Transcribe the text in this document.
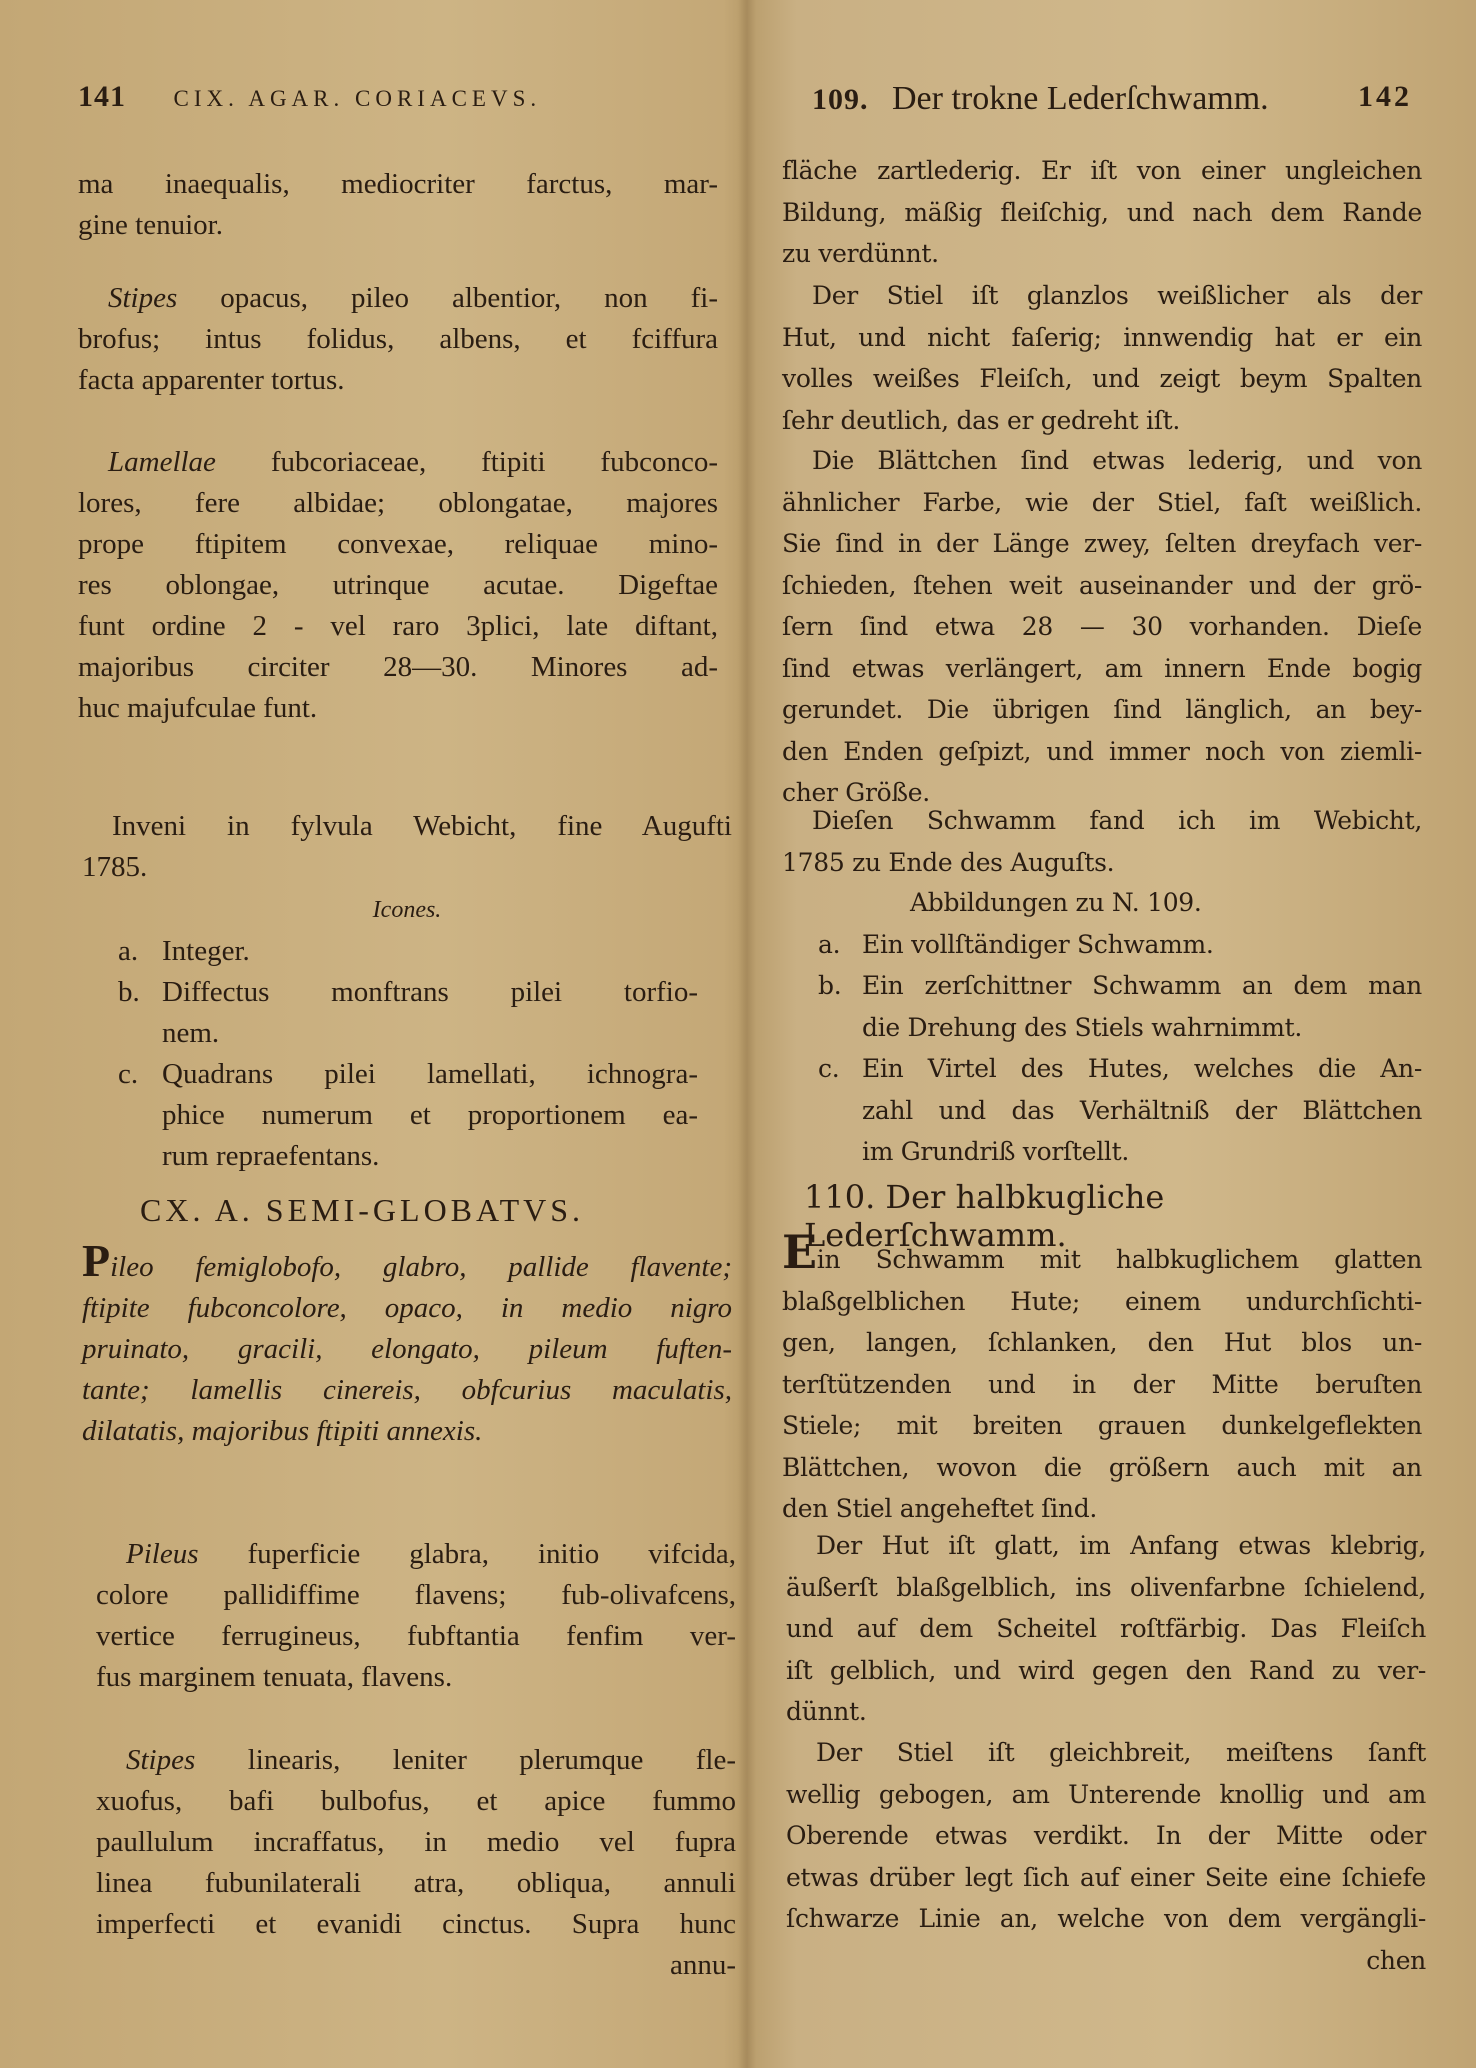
141 CIX. AGAR. CORIACEVS.
ma inaequalis, mediocriter farctus, mar-
gine tenuior.
Stipes opacus, pileo albentior, non fi-
brofus; intus folidus, albens, et fciffura
facta apparenter tortus.
Lamellae fubcoriaceae, ftipiti fubconco-
lores, fere albidae; oblongatae, majores
prope ftipitem convexae, reliquae mino-
res oblongae, utrinque acutae. Digeftae
funt ordine 2 - vel raro 3plici, late diftant,
majoribus circiter 28—30. Minores ad-
huc majufculae funt.
Inveni in fylvula Webicht, fine Augufti
1785.
Icones.
a. Integer.
b. Diffectus monftrans pilei torfio-
nem.
c. Quadrans pilei lamellati, ichnogra-
phice numerum et proportionem ea-
rum repraefentans.
CX. A. SEMI-GLOBATVS.
Pileo femiglobofo, glabro, pallide flavente;
ftipite fubconcolore, opaco, in medio nigro
pruinato, gracili, elongato, pileum fuften-
tante; lamellis cinereis, obfcurius maculatis,
dilatatis, majoribus ftipiti annexis.
Pileus fuperficie glabra, initio vifcida,
colore pallidiffime flavens; fub-olivafcens,
vertice ferrugineus, fubftantia fenfim ver-
fus marginem tenuata, flavens.
Stipes linearis, leniter plerumque fle-
xuofus, bafi bulbofus, et apice fummo
paullulum incraffatus, in medio vel fupra
linea fubunilaterali atra, obliqua, annuli
imperfecti et evanidi cinctus. Supra hunc
annu-
109. Der trokne Lederſchwamm.	142
fläche zartlederig. Er iſt von einer ungleichen
Bildung, mäßig fleiſchig, und nach dem Rande
zu verdünnt.
Der Stiel iſt glanzlos weißlicher als der
Hut, und nicht faſerig; innwendig hat er ein
volles weißes Fleiſch, und zeigt beym Spalten
ſehr deutlich, das er gedreht iſt.
Die Blättchen ſind etwas lederig, und von
ähnlicher Farbe, wie der Stiel, faſt weißlich.
Sie ſind in der Länge zwey, ſelten dreyfach ver-
ſchieden, ſtehen weit auseinander und der grö-
ſern ſind etwa 28 — 30 vorhanden. Dieſe
ſind etwas verlängert, am innern Ende bogig
gerundet. Die übrigen ſind länglich, an bey-
den Enden geſpizt, und immer noch von ziemli-
cher Größe.
Dieſen Schwamm fand ich im Webicht,
1785 zu Ende des Auguſts.
Abbildungen zu N. 109.
a. Ein vollſtändiger Schwamm.
b. Ein zerſchittner Schwamm an dem man
die Drehung des Stiels wahrnimmt.
c. Ein Virtel des Hutes, welches die An-
zahl und das Verhältniß der Blättchen
im Grundriß vorſtellt.
110. Der halbkugliche Lederſchwamm.
Ein Schwamm mit halbkuglichem glatten
blaßgelblichen Hute; einem undurchſichti-
gen, langen, ſchlanken, den Hut blos un-
terſtützenden und in der Mitte beruſten
Stiele; mit breiten grauen dunkelgeflekten
Blättchen, wovon die größern auch mit an
den Stiel angeheftet ſind.
Der Hut iſt glatt, im Anfang etwas klebrig,
äußerſt blaßgelblich, ins olivenfarbne ſchielend,
und auf dem Scheitel roſtfärbig. Das Fleiſch
iſt gelblich, und wird gegen den Rand zu ver-
dünnt.
Der Stiel iſt gleichbreit, meiſtens ſanft
wellig gebogen, am Unterende knollig und am
Oberende etwas verdikt. In der Mitte oder
etwas drüber legt ſich auf einer Seite eine ſchiefe
ſchwarze Linie an, welche von dem vergängli-
chen
